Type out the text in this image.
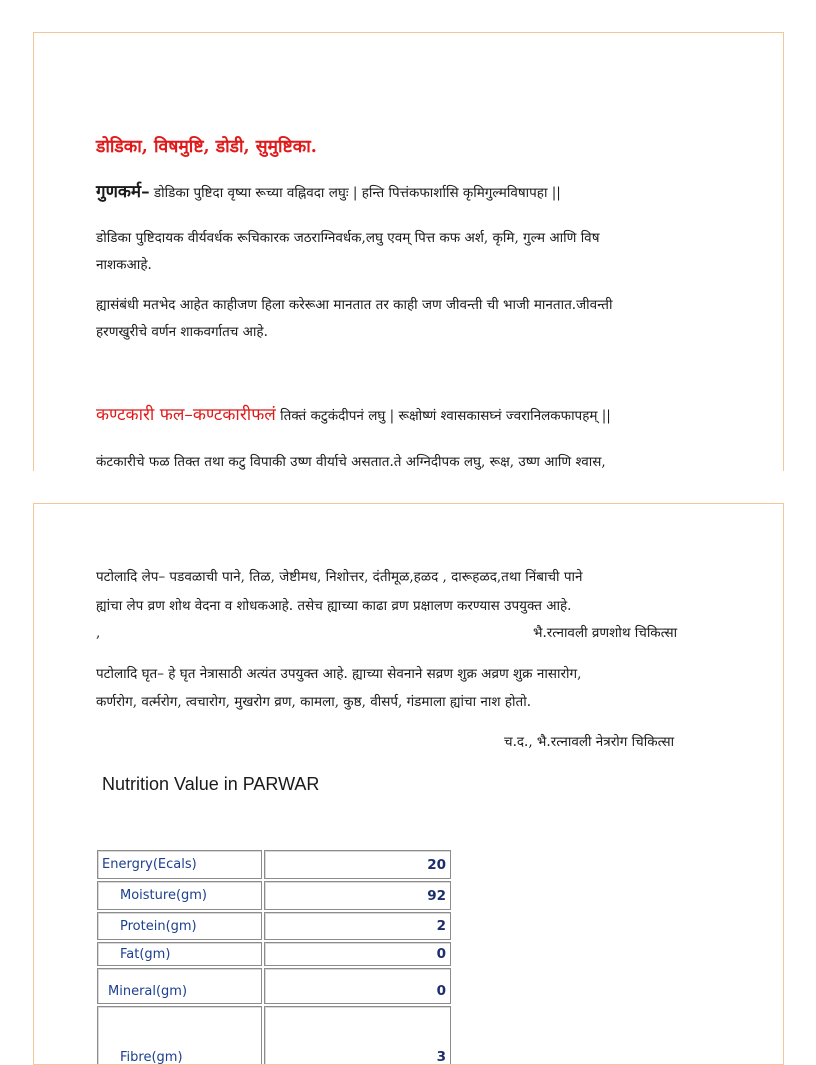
डोडिका, विषमुष्टि, डोडी, सुमुष्टिका.
गुणकर्म– डोडिका पुष्टिदा वृष्या रूच्या वह्निवदा लघुः | हन्ति पित्तंकफार्शासि कृमिगुल्मविषापहा ||
डोडिका पुष्टिदायक वीर्यवर्धक रूचिकारक जठराग्निवर्धक,लघु एवम् पित्त कफ अर्श, कृमि, गुल्म आणि विष
नाशकआहे.
ह्यासंबंधी मतभेद आहेत काहीजण हिला करेरूआ मानतात तर काही जण जीवन्ती ची भाजी मानतात.जीवन्ती
हरणखुरीचे वर्णन शाकवर्गातच आहे.
कण्टकारी फल–कण्टकारीफलं तिक्तं कटुकंदीपनं लघु | रूक्षोष्णं श्वासकासघ्नं ज्वरानिलकफापहम् ||
कंटकारीचे फळ तिक्त तथा कटु विपाकी उष्ण वीर्याचे असतात.ते अग्निदीपक लघु, रूक्ष, उष्ण आणि श्वास,
पटोलादि लेप– पडवळाची पाने, तिळ, जेष्टीमध, निशोत्तर, दंतीमूळ,हळद , दारूहळद,तथा निंबाची पाने
ह्यांचा लेप व्रण शोथ वेदना व शोधकआहे. तसेच ह्याच्या काढा व्रण प्रक्षालण करण्यास उपयुक्त आहे.
,	भै.रत्नावली व्रणशोथ चिकित्सा
पटोलादि घृत– हे घृत नेत्रासाठी अत्यंत उपयुक्त आहे. ह्याच्या सेवनाने सव्रण शुक्र अव्रण शुक्र नासारोग,
कर्णरोग, वर्त्मरोग, त्वचारोग, मुखरोग व्रण, कामला, कुष्ठ, वीसर्प, गंडमाला ह्यांचा नाश होतो.
च.द., भै.रत्नावली नेत्ररोग चिकित्सा
Nutrition Value in PARWAR
Energry(Ecals)	20
Moisture(gm)	92
Protein(gm)	2
Fat(gm)	0
Mineral(gm)	0
Fibre(gm)	3
